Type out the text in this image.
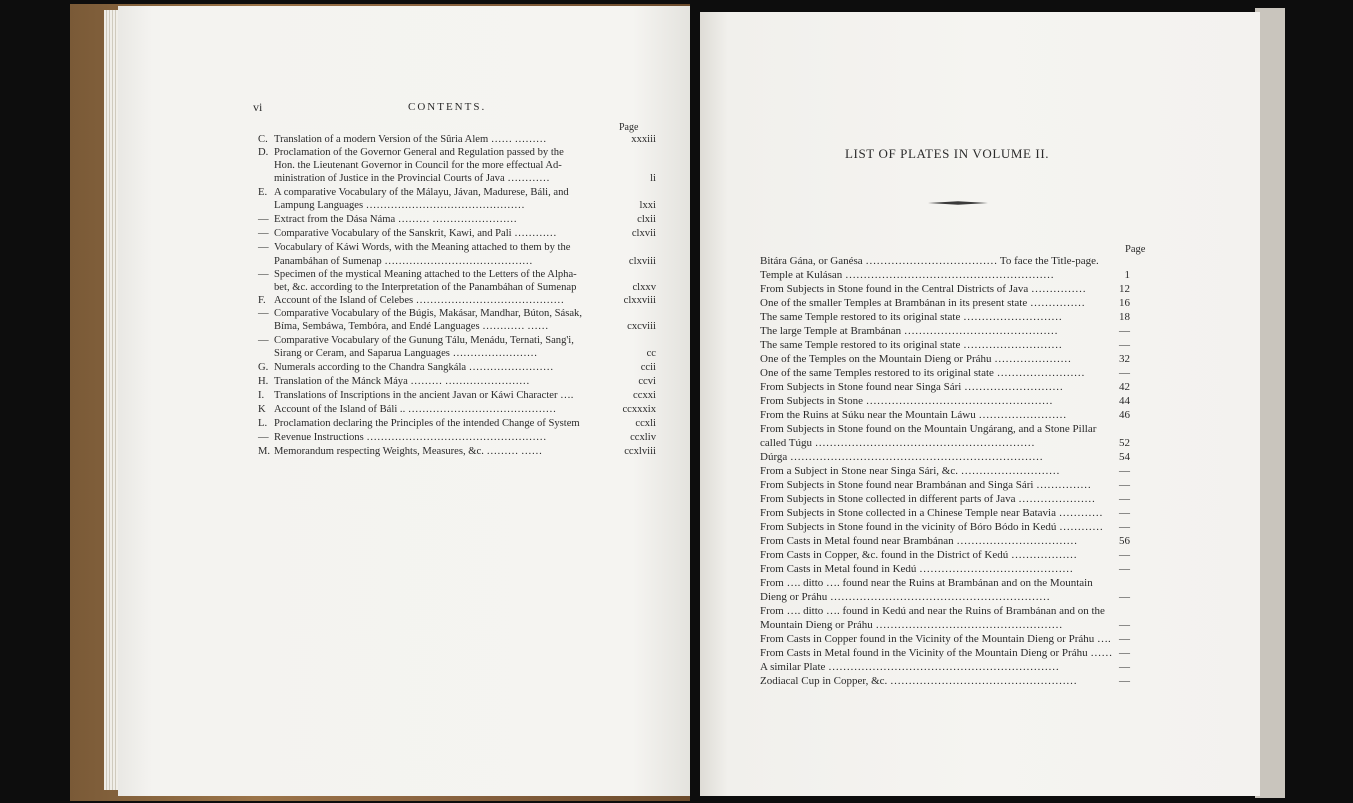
vi	CONTENTS.
Page
C. Translation of a modern Version of the Sûria Alem …… ………	xxxiii
D. Proclamation of the Governor General and Regulation passed by the
Hon. the Lieutenant Governor in Council for the more effectual Ad-
ministration of Justice in the Provincial Courts of Java …………	li
E. A comparative Vocabulary of the Málayu, Jávan, Madurese, Báli, and
Lampung Languages ………………………………………	lxxi
— Extract from the Dása Náma ……… ……………………	clxii
— Comparative Vocabulary of the Sanskrit, Kawi, and Pali …………	clxvii
— Vocabulary of Káwi Words, with the Meaning attached to them by the
Panambáhan of Sumenap ……………………………………	clxviii
— Specimen of the mystical Meaning attached to the Letters of the Alpha-
bet, &c. according to the Interpretation of the Panambáhan of Sumenap	clxxv
F. Account of the Island of Celebes ……………………………………	clxxviii
— Comparative Vocabulary of the Búgis, Makásar, Mandhar, Búton, Sásak,
Bíma, Sembáwa, Tembóra, and Endé Languages ………… ……	cxcviii
— Comparative Vocabulary of the Gunung Tálu, Menádu, Ternati, Sang'i,
Sirang or Ceram, and Saparua Languages ……………………	cc
G. Numerals according to the Chandra Sangkála ……………………	ccii
H. Translation of the Mánck Máya ……… ……………………	ccvi
I. Translations of Inscriptions in the ancient Javan or Káwi Character ….	ccxxi
K Account of the Island of Báli .. ……………………………………	ccxxxix
L. Proclamation declaring the Principles of the intended Change of System	ccxli
— Revenue Instructions ……………………………………………	ccxliv
M. Memorandum respecting Weights, Measures, &c. ……… ……	ccxlviii
LIST OF PLATES IN VOLUME II.
Page
Bitára Gána, or Ganésa ……………………………… To face the Title-page.
Temple at Kulásan …………………………………………………	1
From Subjects in Stone found in the Central Districts of Java ……………	12
One of the smaller Temples at Brambánan in its present state ……………	16
The same Temple restored to its original state ………………………	18
The large Temple at Brambánan ……………………………………	—
The same Temple restored to its original state ………………………	—
One of the Temples on the Mountain Dieng or Práhu …………………	32
One of the same Temples restored to its original state ……………………	—
From Subjects in Stone found near Singa Sári ………………………	42
From Subjects in Stone ……………………………………………	44
From the Ruins at Súku near the Mountain Láwu ……………………	46
From Subjects in Stone found on the Mountain Ungárang, and a Stone Pillar
called Túgu ……………………………………………………	52
Dúrga ……………………………………………………………	54
From a Subject in Stone near Singa Sári, &c. ………………………	—
From Subjects in Stone found near Brambánan and Singa Sári ……………	—
From Subjects in Stone collected in different parts of Java ………………… —
From Subjects in Stone collected in a Chinese Temple near Batavia ………… —
From Subjects in Stone found in the vicinity of Bóro Bódo in Kedú ………… —
From Casts in Metal found near Brambánan ……………………………	56
From Casts in Copper, &c. found in the District of Kedú ………………	—
From Casts in Metal found in Kedú ……………………………………	—
From …. ditto …. found near the Ruins at Brambánan and on the Mountain
Dieng or Práhu ……………………………………………………	—
From …. ditto …. found in Kedú and near the Ruins of Brambánan and on the
Mountain Dieng or Práhu ……………………………………………	—
From Casts in Copper found in the Vicinity of the Mountain Dieng or Práhu …. —
From Casts in Metal found in the Vicinity of the Mountain Dieng or Práhu …… —
A similar Plate ………………………………………………………	—
Zodiacal Cup in Copper, &c. ……………………………………………	—
